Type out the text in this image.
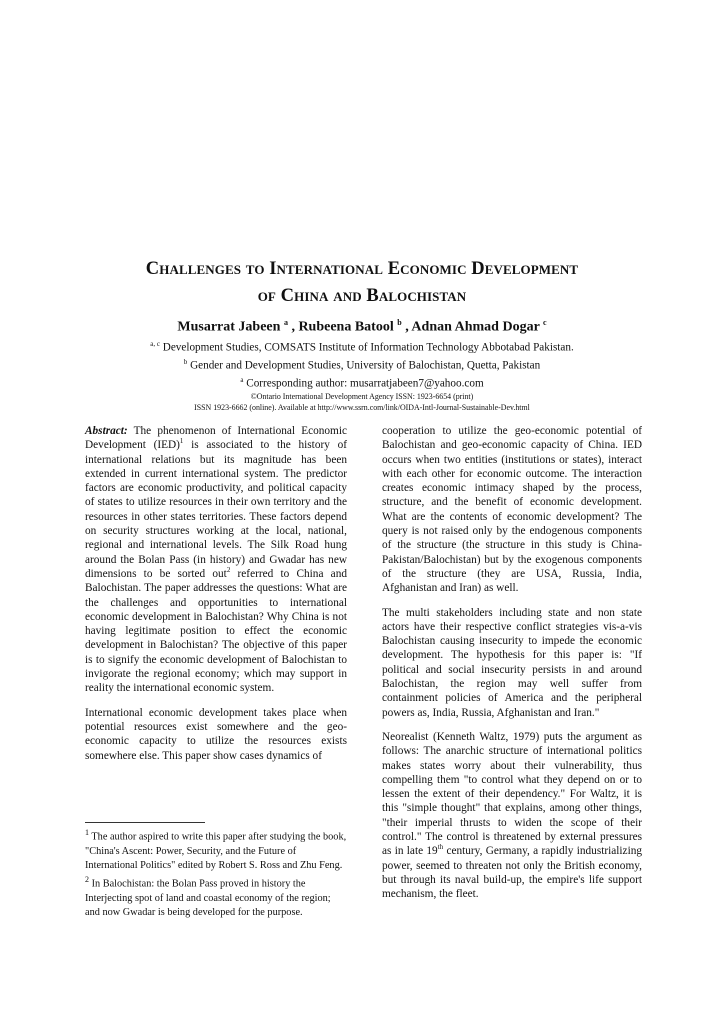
Challenges to International Economic Development
of China and Balochistan
Musarrat Jabeen $^a$ , Rubeena Batool $^b$ , Adnan Ahmad Dogar $^c$
$^{a, c}$ Development Studies, COMSATS Institute of Information Technology Abbotabad Pakistan.
$^b$ Gender and Development Studies, University of Balochistan, Quetta, Pakistan
$^a$ Corresponding author: musarratjabeen7@yahoo.com
©Ontario International Development Agency ISSN: 1923-6654 (print)
ISSN 1923-6662 (online). Available at http://www.ssrn.com/link/OIDA-Intl-Journal-Sustainable-Dev.html

Abstract: The phenomenon of International Economic Development (IED)$^1$ is associated to the history of international relations but its magnitude has been extended in current international system. The predictor factors are economic productivity, and political capacity of states to utilize resources in their own territory and the resources in other states territories. These factors depend on security structures working at the local, national, regional and international levels. The Silk Road hung around the Bolan Pass (in history) and Gwadar has new dimensions to be sorted out$^2$ referred to China and Balochistan. The paper addresses the questions: What are the challenges and opportunities to international economic development in Balochistan? Why China is not having legitimate position to effect the economic development in Balochistan? The objective of this paper is to signify the economic development of Balochistan to invigorate the regional economy; which may support in reality the international economic system.

International economic development takes place when potential resources exist somewhere and the geo-economic capacity to utilize the resources exists somewhere else. This paper show cases dynamics of

cooperation to utilize the geo-economic potential of Balochistan and geo-economic capacity of China. IED occurs when two entities (institutions or states), interact with each other for economic outcome. The interaction creates economic intimacy shaped by the process, structure, and the benefit of economic development. What are the contents of economic development? The query is not raised only by the endogenous components of the structure (the structure in this study is China-Pakistan/Balochistan) but by the exogenous components of the structure (they are USA, Russia, India, Afghanistan and Iran) as well.

The multi stakeholders including state and non state actors have their respective conflict strategies vis-a-vis Balochistan causing insecurity to impede the economic development. The hypothesis for this paper is: "If political and social insecurity persists in and around Balochistan, the region may well suffer from containment policies of America and the peripheral powers as, India, Russia, Afghanistan and Iran."

Neorealist (Kenneth Waltz, 1979) puts the argument as follows: The anarchic structure of international politics makes states worry about their vulnerability, thus compelling them "to control what they depend on or to lessen the extent of their dependency." For Waltz, it is this "simple thought" that explains, among other things, "their imperial thrusts to widen the scope of their control." The control is threatened by external pressures as in late 19th century, Germany, a rapidly industrializing power, seemed to threaten not only the British economy, but through its naval build-up, the empire's life support mechanism, the fleet.

$^1$ The author aspired to write this paper after studying the book, "China's Ascent: Power, Security, and the Future of International Politics" edited by Robert S. Ross and Zhu Feng.

$^2$ In Balochistan: the Bolan Pass proved in history the Interjecting spot of land and coastal economy of the region; and now Gwadar is being developed for the purpose.
